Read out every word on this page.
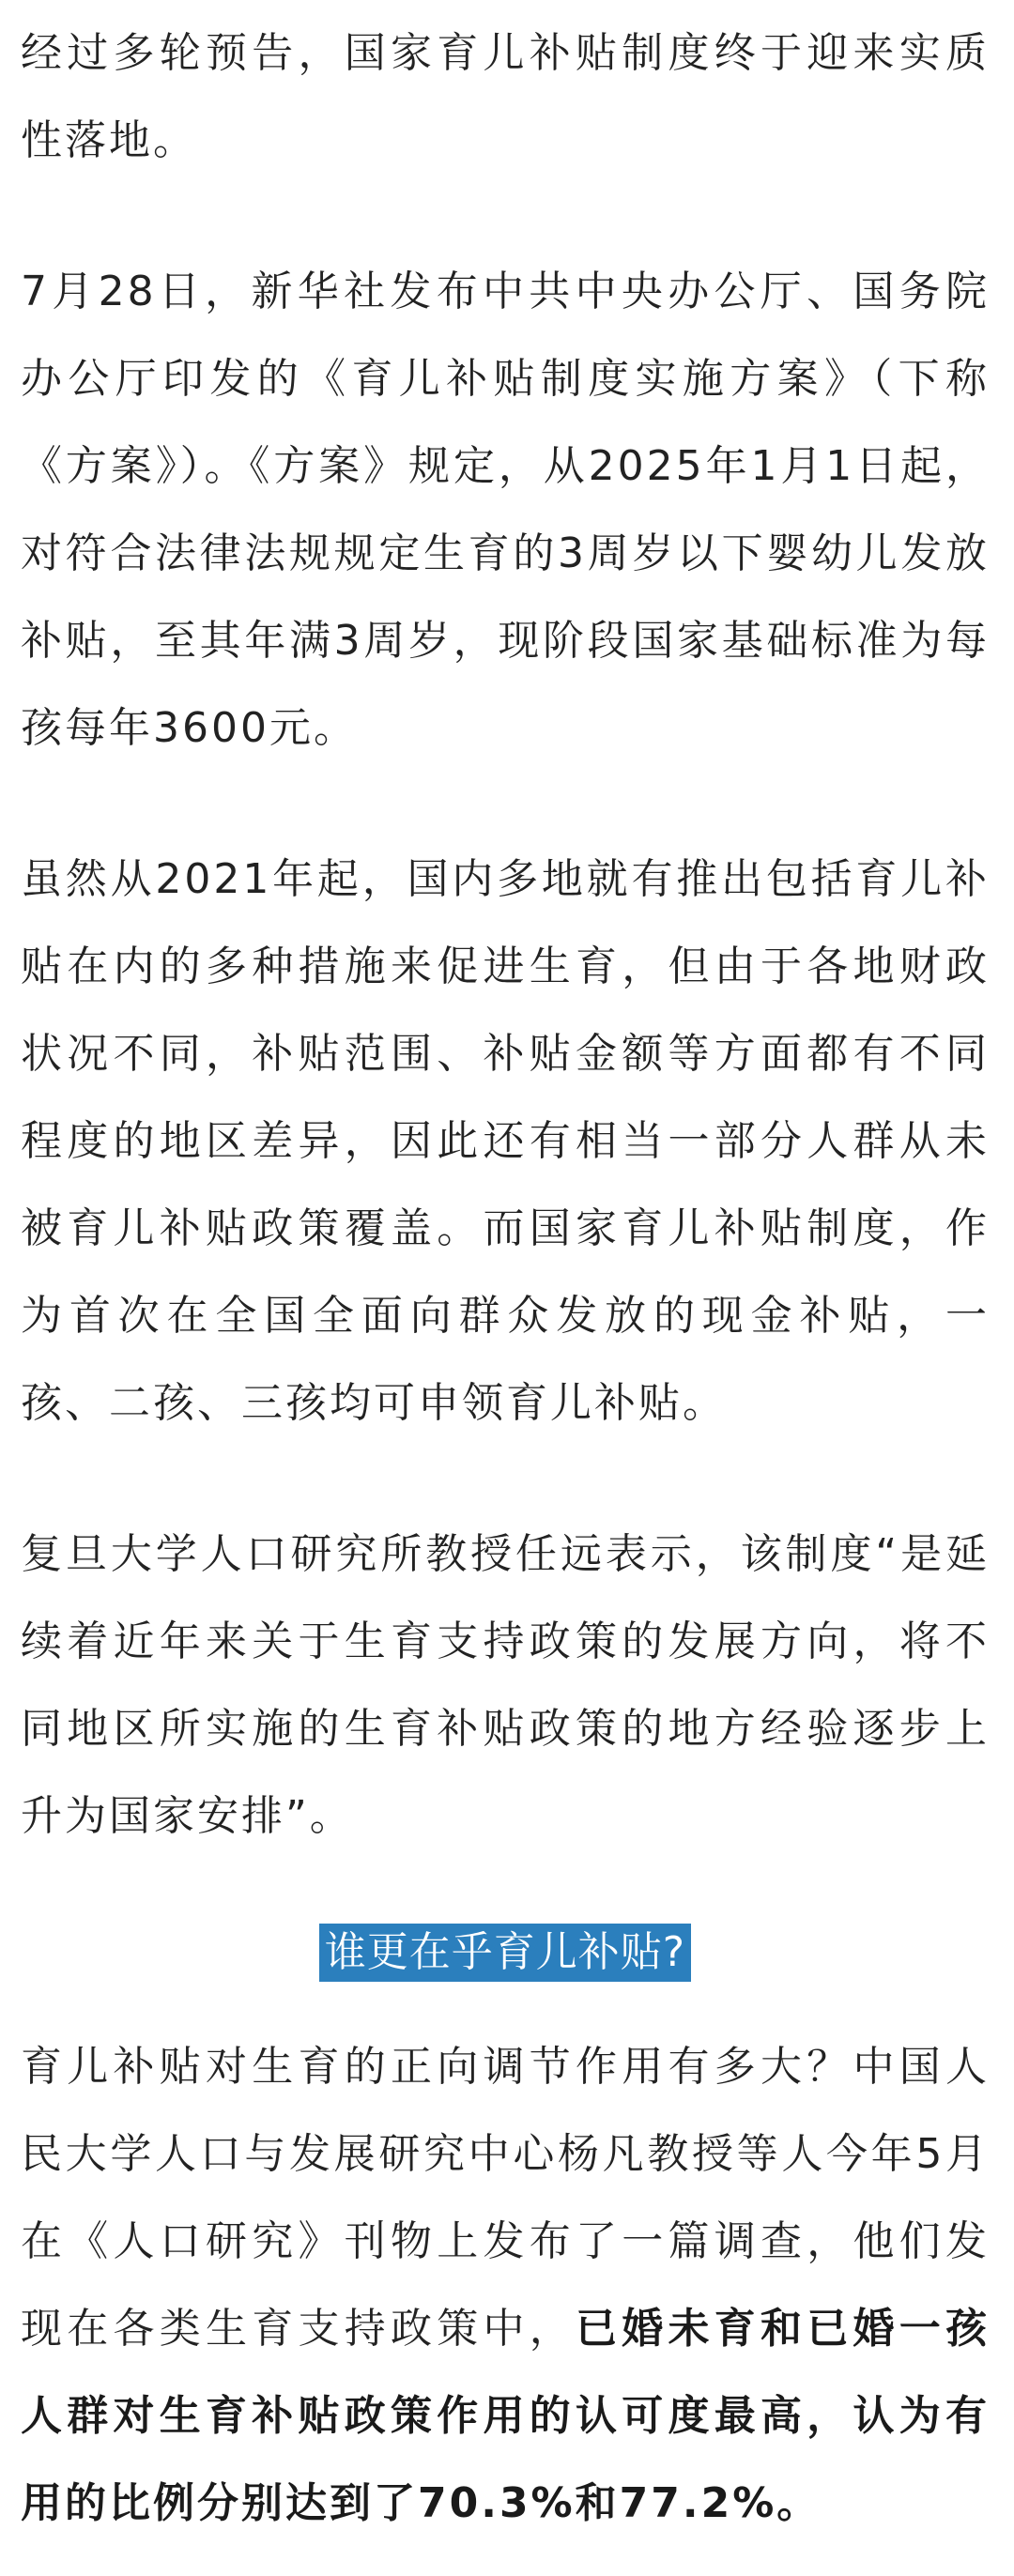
经过多轮预告，国家育儿补贴制度终于迎来实质性落地。

7月28日，新华社发布中共中央办公厅、国务院办公厅印发的《育儿补贴制度实施方案》（下称《方案》）。《方案》规定，从2025年1月1日起，对符合法律法规规定生育的3周岁以下婴幼儿发放补贴，至其年满3周岁，现阶段国家基础标准为每孩每年3600元。

虽然从2021年起，国内多地就有推出包括育儿补贴在内的多种措施来促进生育，但由于各地财政状况不同，补贴范围、补贴金额等方面都有不同程度的地区差异，因此还有相当一部分人群从未被育儿补贴政策覆盖。而国家育儿补贴制度，作为首次在全国全面向群众发放的现金补贴，一孩、二孩、三孩均可申领育儿补贴。

复旦大学人口研究所教授任远表示，该制度“是延续着近年来关于生育支持政策的发展方向，将不同地区所实施的生育补贴政策的地方经验逐步上升为国家安排”。

谁更在乎育儿补贴?

育儿补贴对生育的正向调节作用有多大？中国人民大学人口与发展研究中心杨凡教授等人今年5月在《人口研究》刊物上发布了一篇调查，他们发现在各类生育支持政策中，已婚未育和已婚一孩人群对生育补贴政策作用的认可度最高，认为有用的比例分别达到了70.3%和77.2%。
